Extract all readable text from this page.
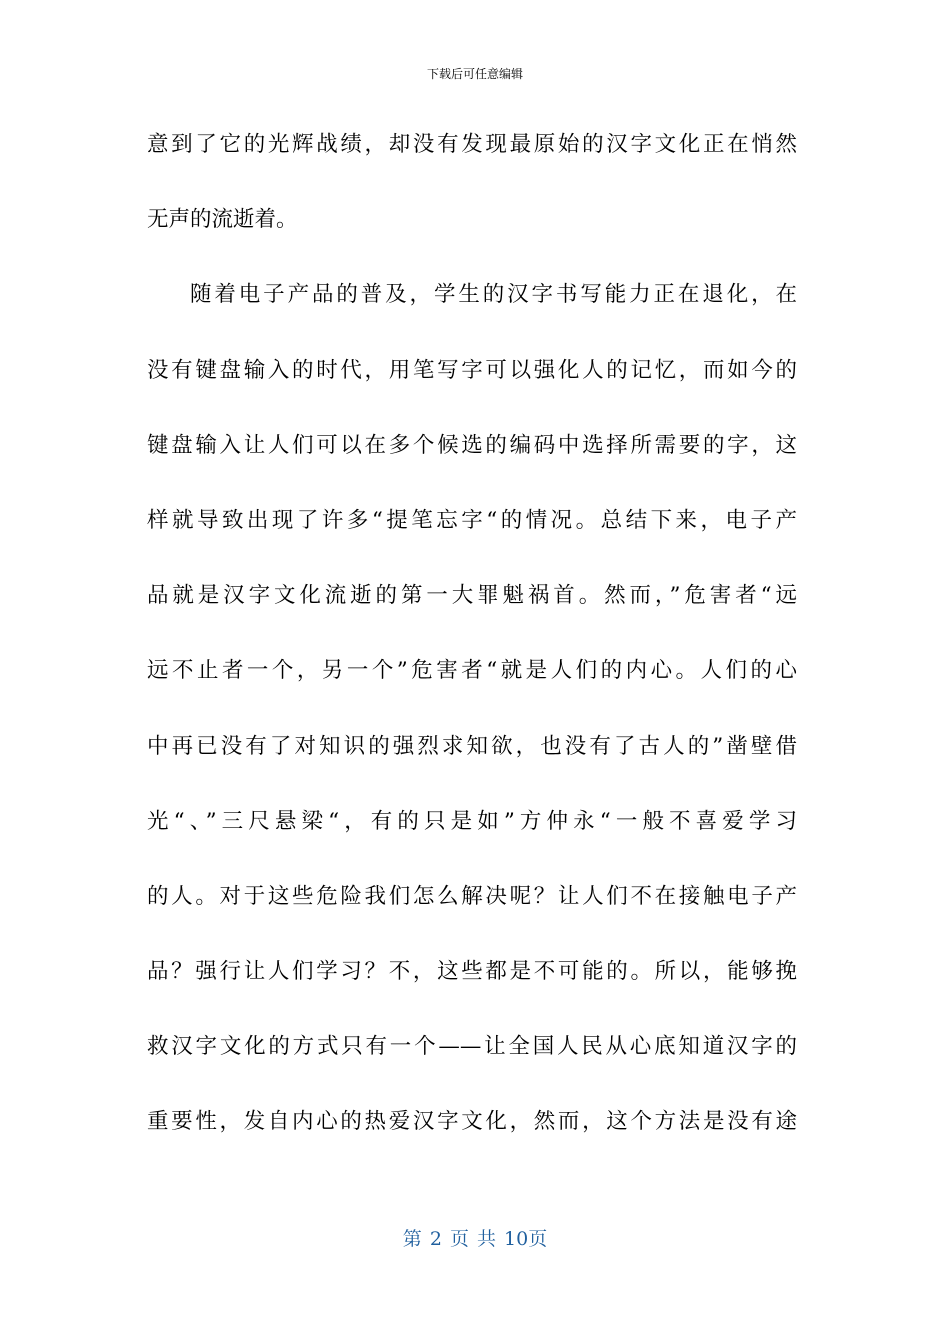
下载后可任意编辑
意到了它的光辉战绩，却没有发现最原始的汉字文化正在悄然
无声的流逝着。
随着电子产品的普及，学生的汉字书写能力正在退化，在
没有键盘输入的时代，用笔写字可以强化人的记忆，而如今的
键盘输入让人们可以在多个候选的编码中选择所需要的字，这
样就导致出现了许多“提笔忘字“的情况。总结下来，电子产
品就是汉字文化流逝的第一大罪魁祸首。然而，”危害者“远
远不止者一个，另一个”危害者“就是人们的内心。人们的心
中再已没有了对知识的强烈求知欲，也没有了古人的”凿壁借
光“、”三尺悬梁“，有的只是如”方仲永“一般不喜爱学习
的人。对于这些危险我们怎么解决呢？让人们不在接触电子产
品？强行让人们学习？不，这些都是不可能的。所以，能够挽
救汉字文化的方式只有一个——让全国人民从心底知道汉字的
重要性，发自内心的热爱汉字文化，然而，这个方法是没有途
第 2 页 共 10页
